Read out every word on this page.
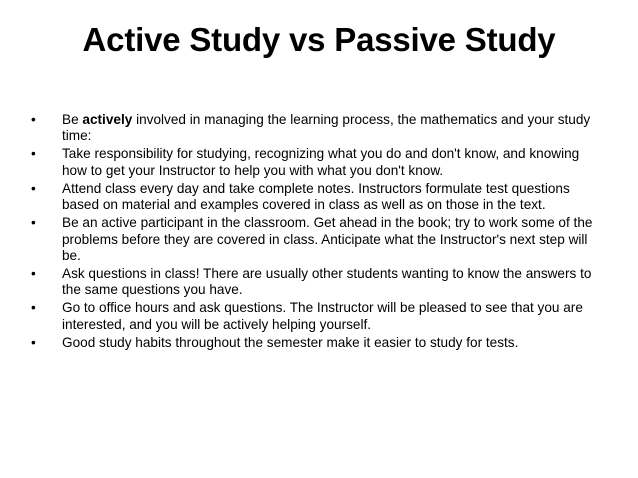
Active Study vs Passive Study
•	Be actively involved in managing the learning process, the mathematics and your study time:
•	Take responsibility for studying, recognizing what you do and don't know, and knowing how to get your Instructor to help you with what you don't know.
•	Attend class every day and take complete notes. Instructors formulate test questions based on material and examples covered in class as well as on those in the text.
•	Be an active participant in the classroom. Get ahead in the book; try to work some of the problems before they are covered in class. Anticipate what the Instructor's next step will be.
•	Ask questions in class! There are usually other students wanting to know the answers to the same questions you have.
•	Go to office hours and ask questions. The Instructor will be pleased to see that you are interested, and you will be actively helping yourself.
•	Good study habits throughout the semester make it easier to study for tests.
